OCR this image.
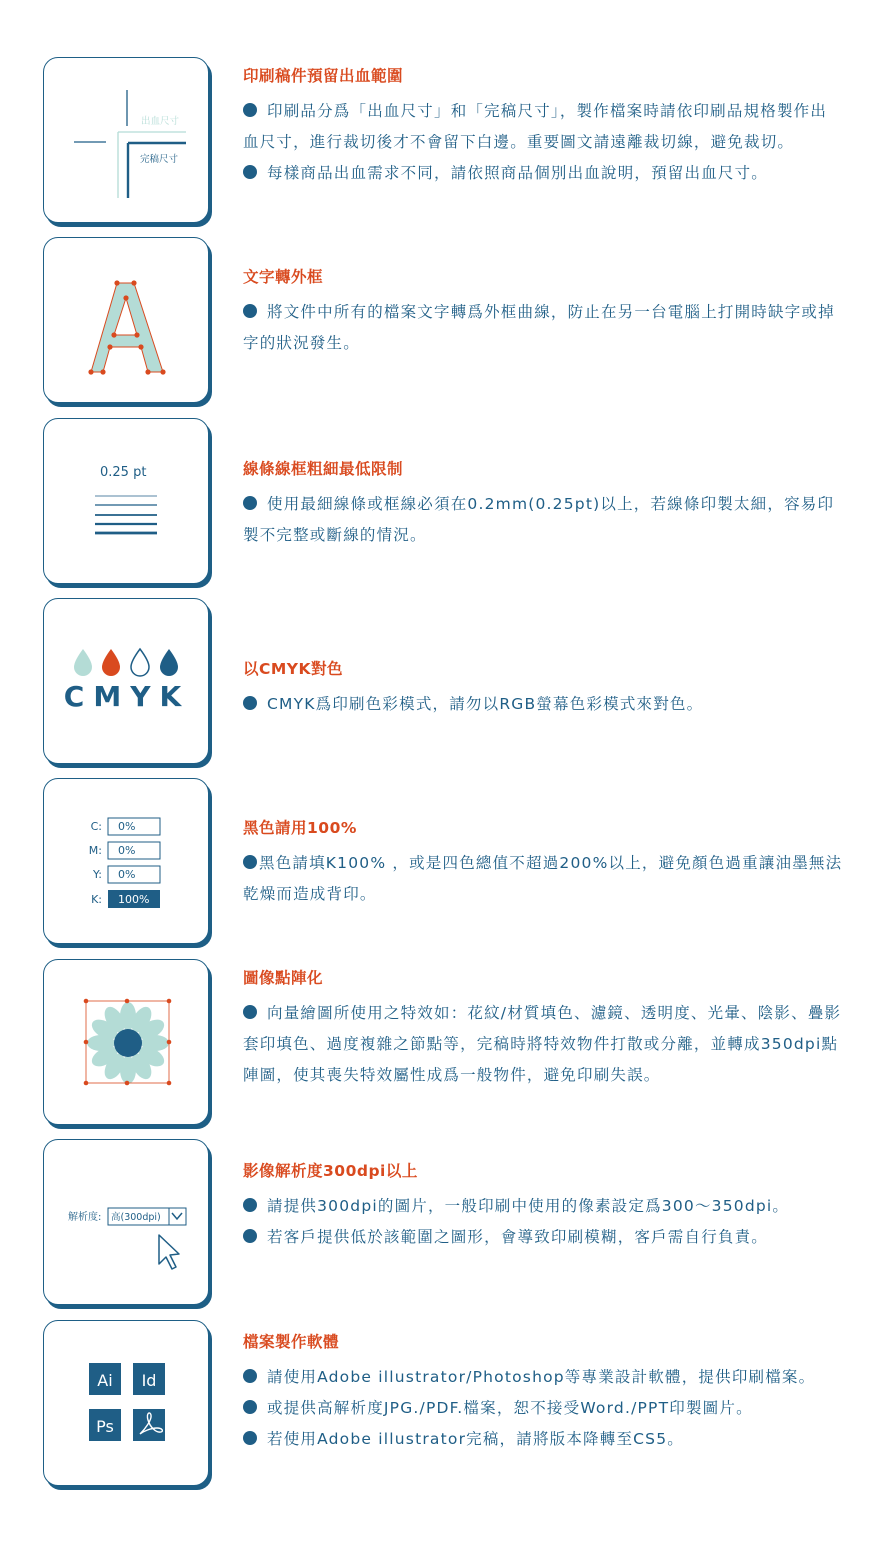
出血尺寸
完稿尺寸
印刷稿件預留出血範圍
印刷品分爲「出血尺寸」和「完稿尺寸」，製作檔案時請依印刷品規格製作出血尺寸，進行裁切後才不會留下白邊。重要圖文請遠離裁切線，避免裁切。
每樣商品出血需求不同，請依照商品個別出血說明，預留出血尺寸。
A
文字轉外框
將文件中所有的檔案文字轉爲外框曲線，防止在另一台電腦上打開時缺字或掉字的狀況發生。
0.25 pt	線條線框粗細最低限制
使用最細線條或框線必須在0.2mm(0.25pt)以上，若線條印製太細，容易印製不完整或斷線的情況。
CMYK
以CMYK對色
CMYK爲印刷色彩模式，請勿以RGB螢幕色彩模式來對色。
C: 0%
M: 0%
Y: 0%
K: 100%
黑色請用100%
黑色請填K100% ，或是四色總值不超過200%以上，避免顏色過重讓油墨無法乾燥而造成背印。
圖像點陣化
向量繪圖所使用之特效如：花紋/材質填色、濾鏡、透明度、光暈、陰影、疊影套印填色、過度複雜之節點等，完稿時將特效物件打散或分離，並轉成350dpi點陣圖，使其喪失特效屬性成爲一般物件，避免印刷失誤。
解析度: 高(300dpi)
影像解析度300dpi以上
請提供300dpi的圖片，一般印刷中使用的像素設定爲300～350dpi。
若客戶提供低於該範圍之圖形，會導致印刷模糊，客戶需自行負責。
Ai Id
Ps
檔案製作軟體
請使用Adobe illustrator/Photoshop等專業設計軟體，提供印刷檔案。
或提供高解析度JPG./PDF.檔案，恕不接受Word./PPT印製圖片。
若使用Adobe illustrator完稿，請將版本降轉至CS5。
